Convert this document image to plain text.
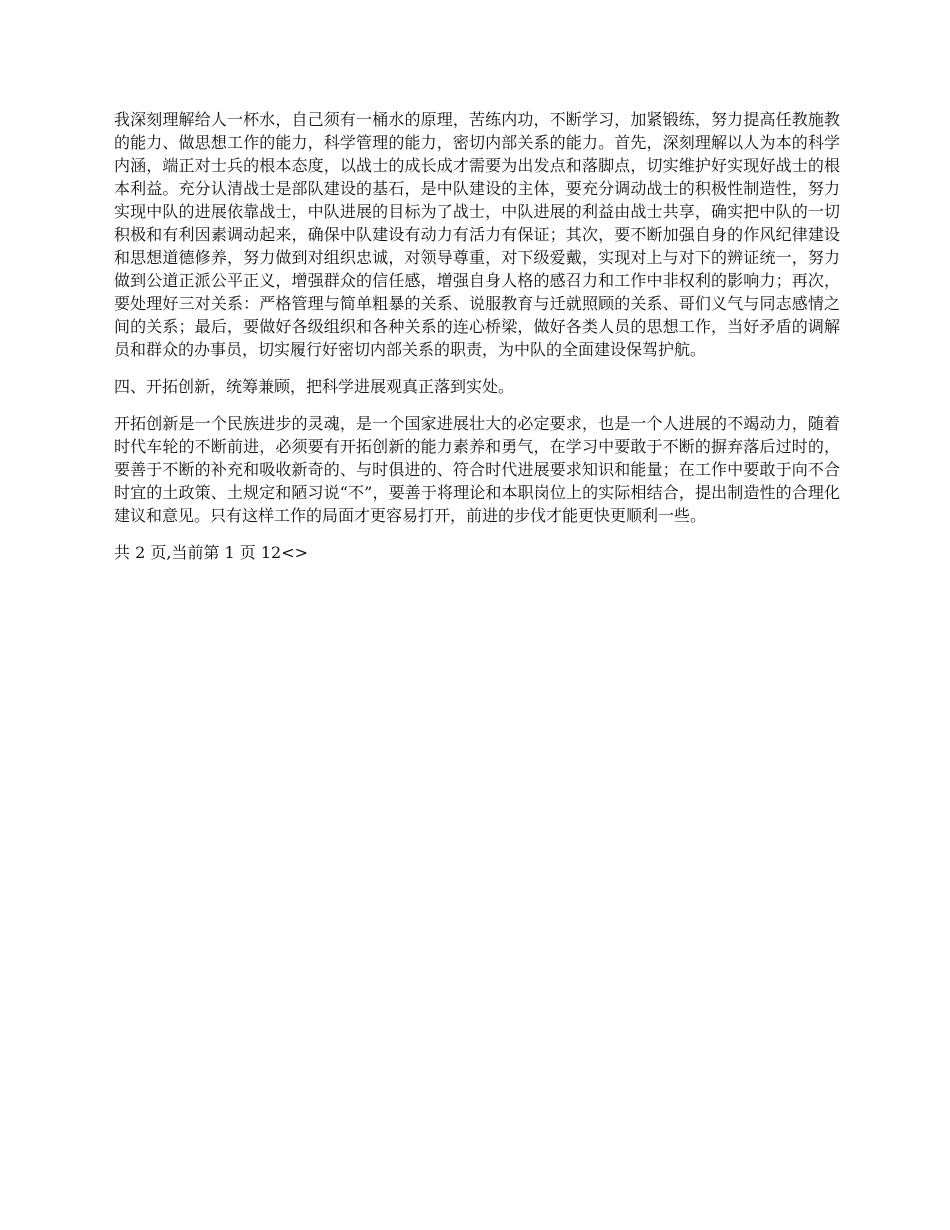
我深刻理解给人一杯水，自己须有一桶水的原理，苦练内功，不断学习，加紧锻练，努力提高任教施教的能力、做思想工作的能力，科学管理的能力，密切内部关系的能力。首先，深刻理解以人为本的科学内涵，端正对士兵的根本态度，以战士的成长成才需要为出发点和落脚点，切实维护好实现好战士的根本利益。充分认清战士是部队建设的基石，是中队建设的主体，要充分调动战士的积极性制造性，努力实现中队的进展依靠战士，中队进展的目标为了战士，中队进展的利益由战士共享，确实把中队的一切积极和有利因素调动起来，确保中队建设有动力有活力有保证；其次，要不断加强自身的作风纪律建设和思想道德修养，努力做到对组织忠诚，对领导尊重，对下级爱戴，实现对上与对下的辨证统一，努力做到公道正派公平正义，增强群众的信任感，增强自身人格的感召力和工作中非权利的影响力；再次，要处理好三对关系：严格管理与简单粗暴的关系、说服教育与迁就照顾的关系、哥们义气与同志感情之间的关系；最后，要做好各级组织和各种关系的连心桥梁，做好各类人员的思想工作，当好矛盾的调解员和群众的办事员，切实履行好密切内部关系的职责，为中队的全面建设保驾护航。

四、开拓创新，统筹兼顾，把科学进展观真正落到实处。

开拓创新是一个民族进步的灵魂，是一个国家进展壮大的必定要求，也是一个人进展的不竭动力，随着时代车轮的不断前进，必须要有开拓创新的能力素养和勇气，在学习中要敢于不断的摒弃落后过时的，要善于不断的补充和吸收新奇的、与时俱进的、符合时代进展要求知识和能量；在工作中要敢于向不合时宜的土政策、土规定和陋习说“不”，要善于将理论和本职岗位上的实际相结合，提出制造性的合理化建议和意见。只有这样工作的局面才更容易打开，前进的步伐才能更快更顺利一些。

共 2 页,当前第 1 页 12<>
